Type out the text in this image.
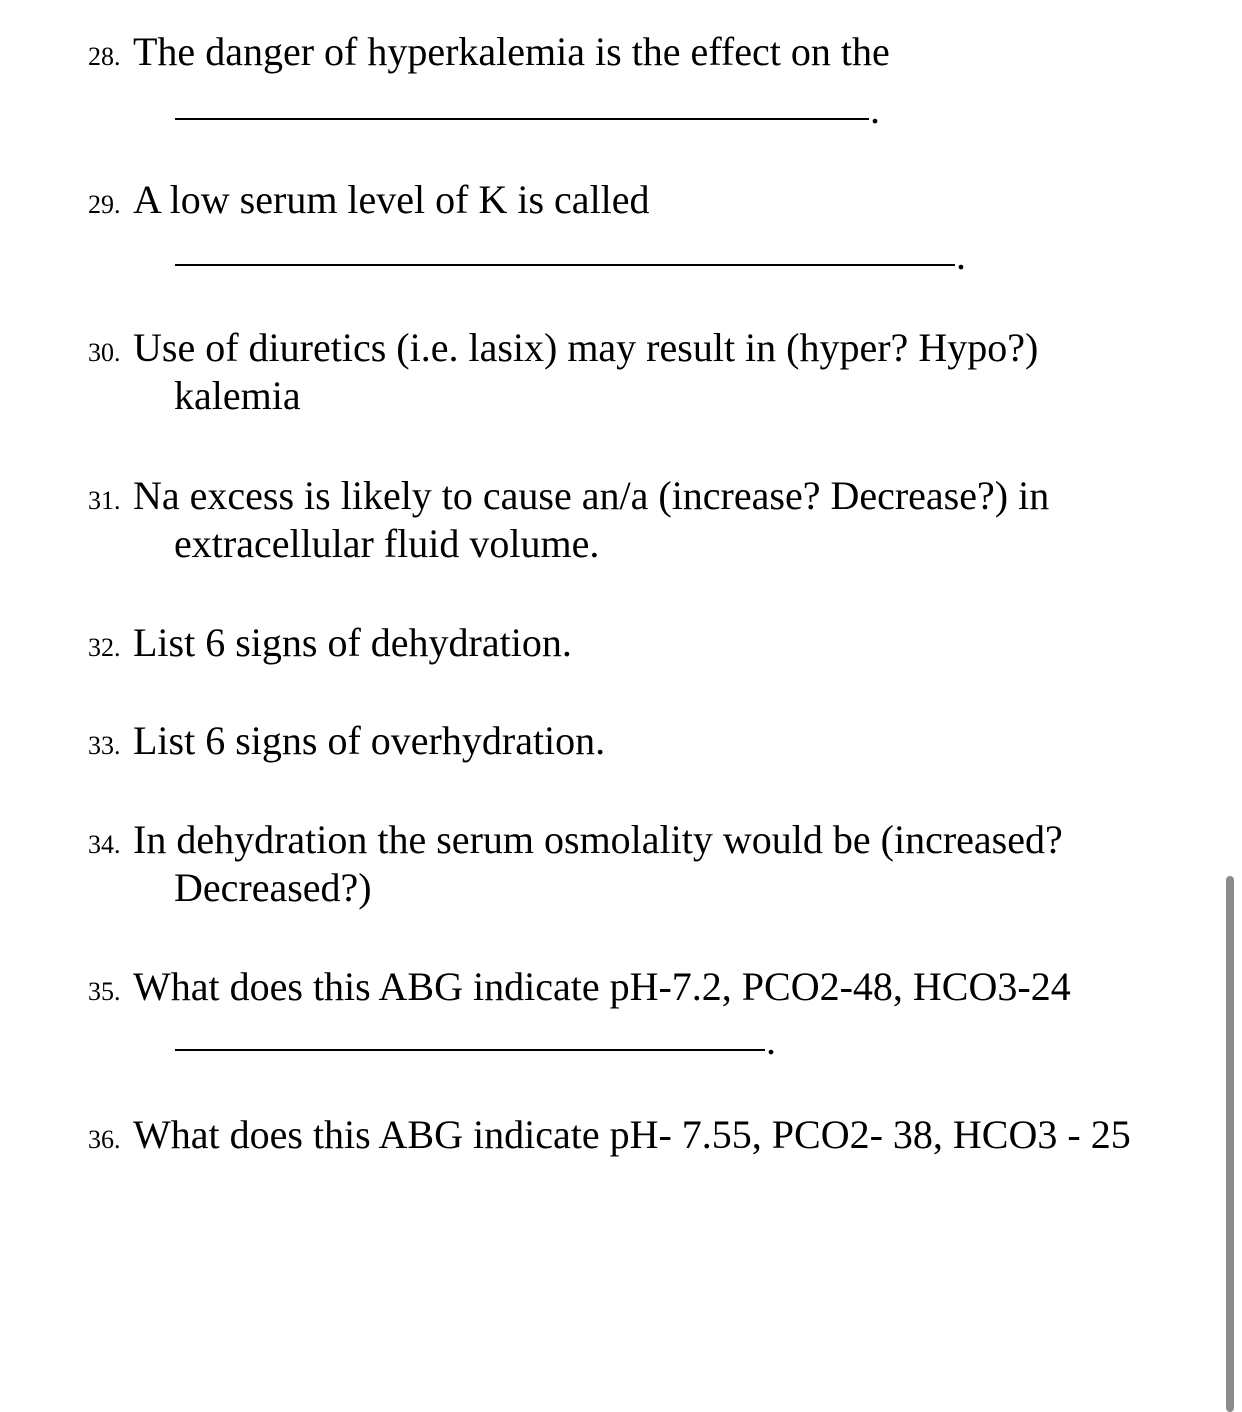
28. The danger of hyperkalemia is the effect on the
.
29. A low serum level of K is called
.
30. Use of diuretics (i.e. lasix) may result in (hyper? Hypo?)
kalemia
31. Na excess is likely to cause an/a (increase? Decrease?) in
extracellular fluid volume.
32. List 6 signs of dehydration.
33. List 6 signs of overhydration.
34. In dehydration the serum osmolality would be (increased?
Decreased?)
35. What does this ABG indicate pH-7.2, PCO2-48, HCO3-24
.
36. What does this ABG indicate pH- 7.55, PCO2- 38, HCO3 - 25
